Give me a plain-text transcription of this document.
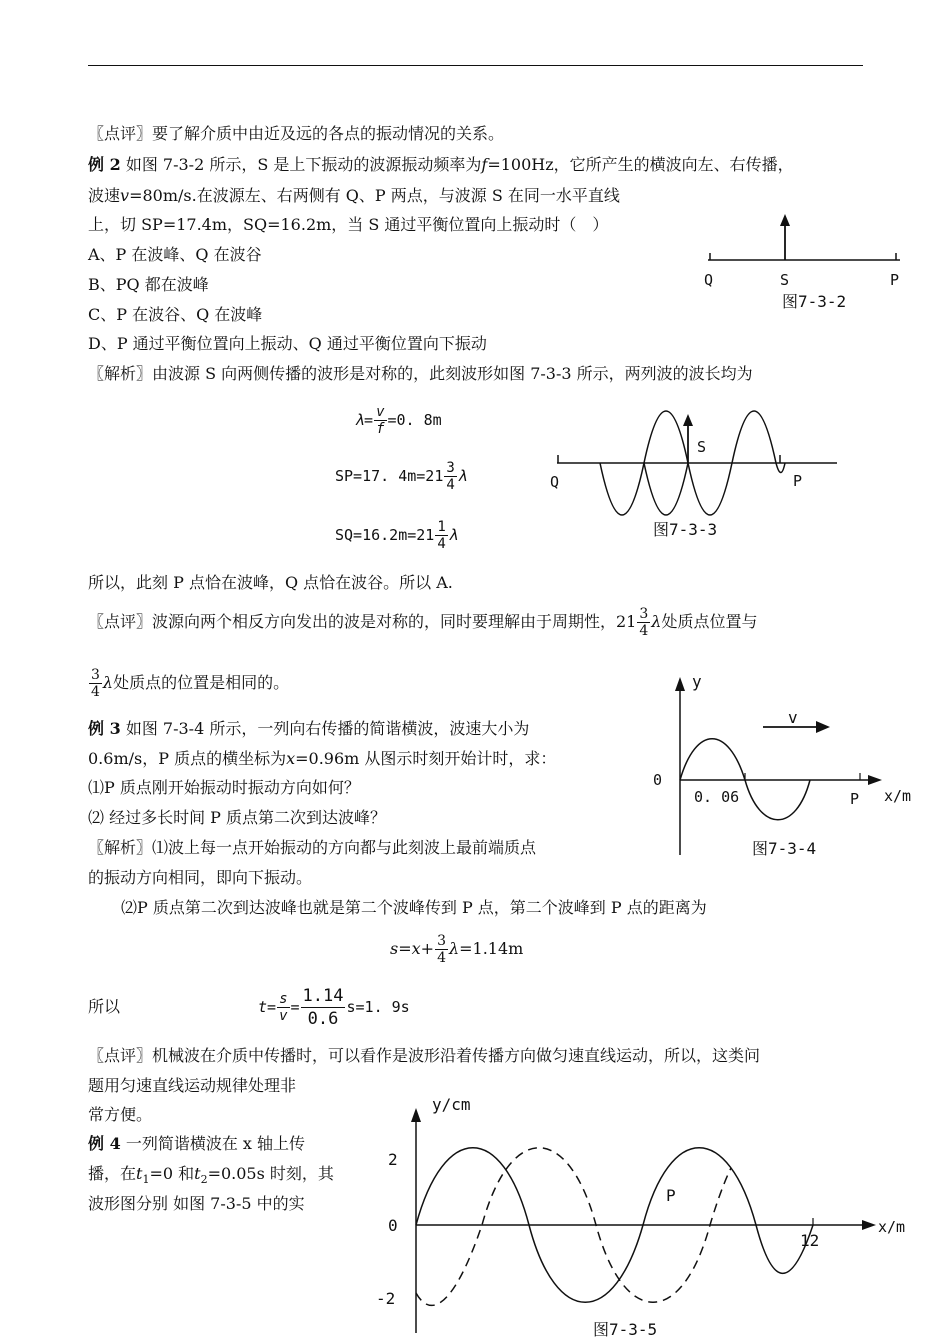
〖点评〗要了解介质中由近及远的各点的振动情况的关系。
例 2 如图 7-3-2 所示，S 是上下振动的波源振动频率为f=100Hz，它所产生的横波向左、右传播，
波速v=80m/s.在波源左、右两侧有 Q、P 两点，与波源 S 在同一水平直线
上，切 SP=17.4m，SQ=16.2m，当 S 通过平衡位置向上振动时（　）
A、P 在波峰、Q 在波谷
B、PQ 都在波峰
C、P 在波谷、Q 在波峰
D、P 通过平衡位置向上振动、Q 通过平衡位置向下振动
Q	S	P
图7-3-2
〖解析〗由波源 S 向两侧传播的波形是对称的，此刻波形如图 7-3-3 所示，两列波的波长均为
$\lambda= \frac{v}{f} =0$. 8m
SP=17. $4m=21 \frac{3}{4}$ λ
$SQ=16.2m=21 \frac{1}{4}$ λ
S
Q	P
图7-3-3
所以，此刻 P 点恰在波峰，Q 点恰在波谷。所以 A.
〖点评〗波源向两个相反方向发出的波是对称的，同时要理解由于周期性，$21 \frac{3}{4}$ λ处质点位置与
$\frac{3}{4}$ λ处质点的位置是相同的。
例 3 如图 7-3-4 所示，一列向右传播的简谐横波，波速大小为
0.6m/s，P 质点的横坐标为x=0.96m 从图示时刻开始计时，求：
⑴P 质点刚开始振动时振动方向如何？
⑵ 经过多长时间 P 质点第二次到达波峰？
〖解析〗⑴波上每一点开始振动的方向都与此刻波上最前端质点
的振动方向相同，即向下振动。
⑵P 质点第二次到达波峰也就是第二个波峰传到 P 点，第二个波峰到 P 点的距离为
v
y
0
0. 06	P x/m
图7-3-4
$s=x+ \frac{3}{4} \lambda=1.14m$
所以	$t= \frac{s}{v} = \frac{1.14}{0.6} s=1$. 9s
〖点评〗机械波在介质中传播时，可以看作是波形沿着传播方向做匀速直线运动，所以，这类问
题用匀速直线运动规律处理非
常方便。
例 4 一列简谐横波在 x 轴上传
播，在$t_1=0$ 和$t_2=0.05s$ 时刻，其
波形图分别 如图 7-3-5 中的实
y/cm
2
0
-2
12
x/m
P
图7-3-5
